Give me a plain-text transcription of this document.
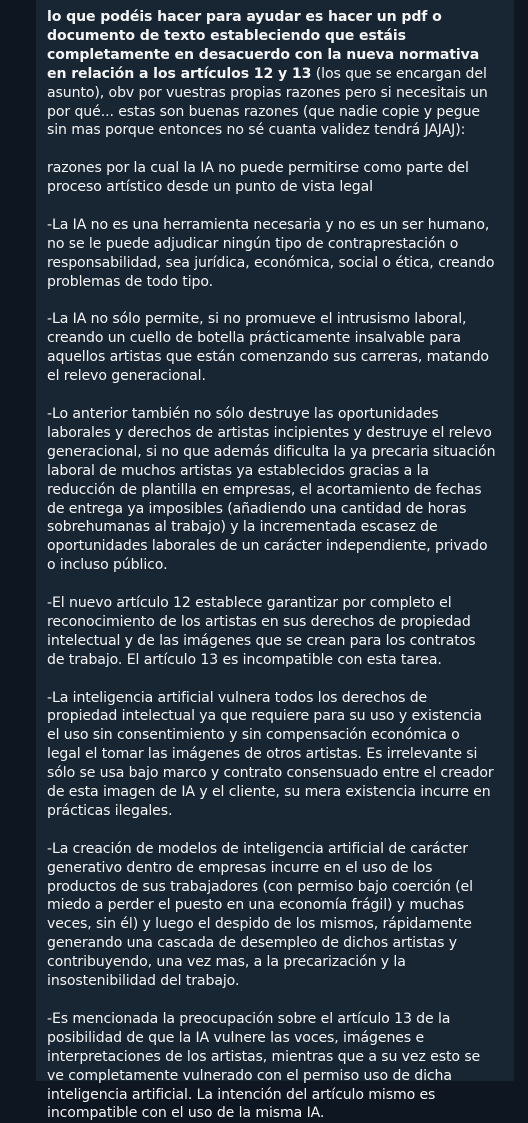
lo que podéis hacer para ayudar es hacer un pdf o documento de texto estableciendo que estáis completamente en desacuerdo con la nueva normativa en relación a los artículos 12 y 13 (los que se encargan del asunto), obv por vuestras propias razones pero si necesitais un por qué... estas son buenas razones (que nadie copie y pegue sin mas porque entonces no sé cuanta validez tendrá JAJAJ):

razones por la cual la IA no puede permitirse como parte del proceso artístico desde un punto de vista legal

-La IA no es una herramienta necesaria y no es un ser humano, no se le puede adjudicar ningún tipo de contraprestación o responsabilidad, sea jurídica, económica, social o ética, creando problemas de todo tipo.

-La IA no sólo permite, si no promueve el intrusismo laboral, creando un cuello de botella prácticamente insalvable para aquellos artistas que están comenzando sus carreras, matando el relevo generacional.

-Lo anterior también no sólo destruye las oportunidades laborales y derechos de artistas incipientes y destruye el relevo generacional, si no que además dificulta la ya precaria situación laboral de muchos artistas ya establecidos gracias a la reducción de plantilla en empresas, el acortamiento de fechas de entrega ya imposibles (añadiendo una cantidad de horas sobrehumanas al trabajo) y la incrementada escasez de oportunidades laborales de un carácter independiente, privado o incluso público.

-El nuevo artículo 12 establece garantizar por completo el reconocimiento de los artistas en sus derechos de propiedad intelectual y de las imágenes que se crean para los contratos de trabajo. El artículo 13 es incompatible con esta tarea.

-La inteligencia artificial vulnera todos los derechos de propiedad intelectual ya que requiere para su uso y existencia el uso sin consentimiento y sin compensación económica o legal el tomar las imágenes de otros artistas. Es irrelevante si sólo se usa bajo marco y contrato consensuado entre el creador de esta imagen de IA y el cliente, su mera existencia incurre en prácticas ilegales.

-La creación de modelos de inteligencia artificial de carácter generativo dentro de empresas incurre en el uso de los productos de sus trabajadores (con permiso bajo coerción (el miedo a perder el puesto en una economía frágil) y muchas veces, sin él) y luego el despido de los mismos, rápidamente generando una cascada de desempleo de dichos artistas y contribuyendo, una vez mas, a la precarización y la insostenibilidad del trabajo.

-Es mencionada la preocupación sobre el artículo 13 de la posibilidad de que la IA vulnere las voces, imágenes e interpretaciones de los artistas, mientras que a su vez esto se ve completamente vulnerado con el permiso uso de dicha inteligencia artificial. La intención del artículo mismo es incompatible con el uso de la misma IA.
